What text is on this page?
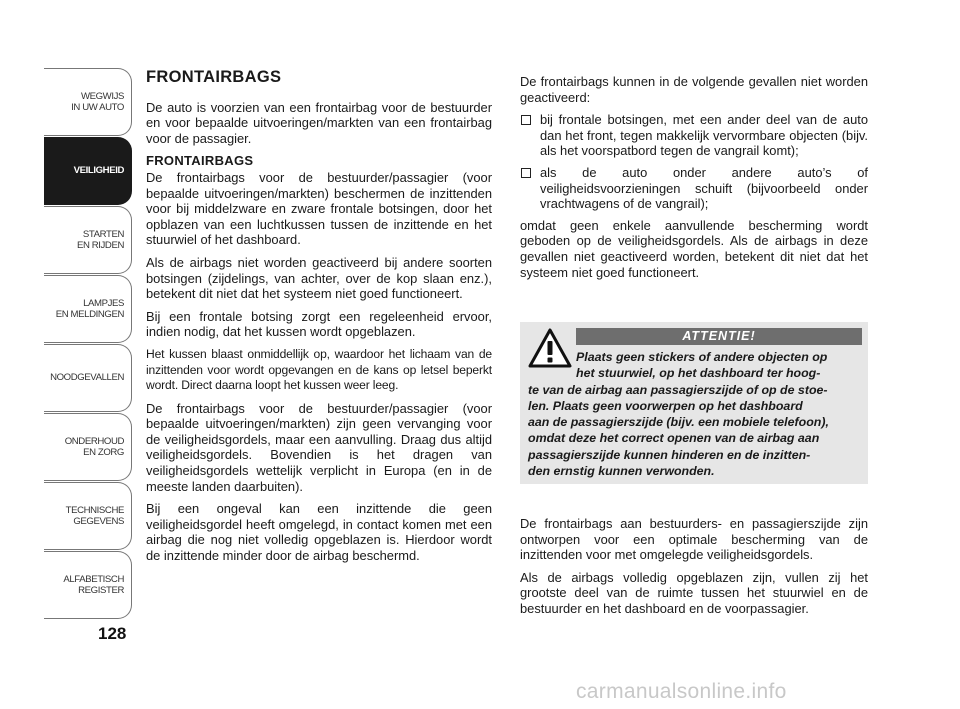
WEGWIJS
IN UW AUTO
VEILIGHEID
STARTEN
EN RIJDEN
LAMPJES
EN MELDINGEN
NOODGEVALLEN
ONDERHOUD
EN ZORG
TECHNISCHE
GEGEVENS
ALFABETISCH
REGISTER
128
FRONTAIRBAGS
De auto is voorzien van een frontairbag voor de bestuurder en voor bepaalde uitvoeringen/markten van een frontairbag voor de passagier.
FRONTAIRBAGS
De frontairbags voor de bestuurder/passagier (voor bepaalde uitvoeringen/markten) beschermen de inzittenden voor bij middelzware en zware frontale botsingen, door het opblazen van een luchtkussen tussen de inzittende en het stuurwiel of het dashboard.
Als de airbags niet worden geactiveerd bij andere soorten botsingen (zijdelings, van achter, over de kop slaan enz.), betekent dit niet dat het systeem niet goed functioneert.
Bij een frontale botsing zorgt een regeleenheid ervoor, indien nodig, dat het kussen wordt opgeblazen.
Het kussen blaast onmiddellijk op, waardoor het lichaam van de inzittenden voor wordt opgevangen en de kans op letsel beperkt wordt. Direct daarna loopt het kussen weer leeg.
De frontairbags voor de bestuurder/passagier (voor bepaalde uitvoeringen/markten) zijn geen vervanging voor de veiligheidsgordels, maar een aanvulling. Draag dus altijd veiligheidsgordels. Bovendien is het dragen van veiligheidsgordels wettelijk verplicht in Europa (en in de meeste landen daarbuiten).
Bij een ongeval kan een inzittende die geen veiligheidsgordel heeft omgelegd, in contact komen met een airbag die nog niet volledig opgeblazen is. Hierdoor wordt de inzittende minder door de airbag beschermd.
De frontairbags kunnen in de volgende gevallen niet worden geactiveerd:
bij frontale botsingen, met een ander deel van de auto dan het front, tegen makkelijk vervormbare objecten (bijv. als het voorspatbord tegen de vangrail komt);
als de auto onder andere auto’s of veiligheidsvoorzieningen schuift (bijvoorbeeld onder vrachtwagens of de vangrail);
omdat geen enkele aanvullende bescherming wordt geboden op de veiligheidsgordels. Als de airbags in deze gevallen niet geactiveerd worden, betekent dit niet dat het systeem niet goed functioneert.
ATTENTIE!
Plaats geen stickers of andere objecten op
het stuurwiel, op het dashboard ter hoog-
te van de airbag aan passagierszijde of op de stoe-
len. Plaats geen voorwerpen op het dashboard
aan de passagierszijde (bijv. een mobiele telefoon),
omdat deze het correct openen van de airbag aan
passagierszijde kunnen hinderen en de inzitten-
den ernstig kunnen verwonden.
De frontairbags aan bestuurders- en passagierszijde zijn ontworpen voor een optimale bescherming van de inzittenden voor met omgelegde veiligheidsgordels.
Als de airbags volledig opgeblazen zijn, vullen zij het grootste deel van de ruimte tussen het stuurwiel en de bestuurder en het dashboard en de voorpassagier.
carmanualsonline.info
